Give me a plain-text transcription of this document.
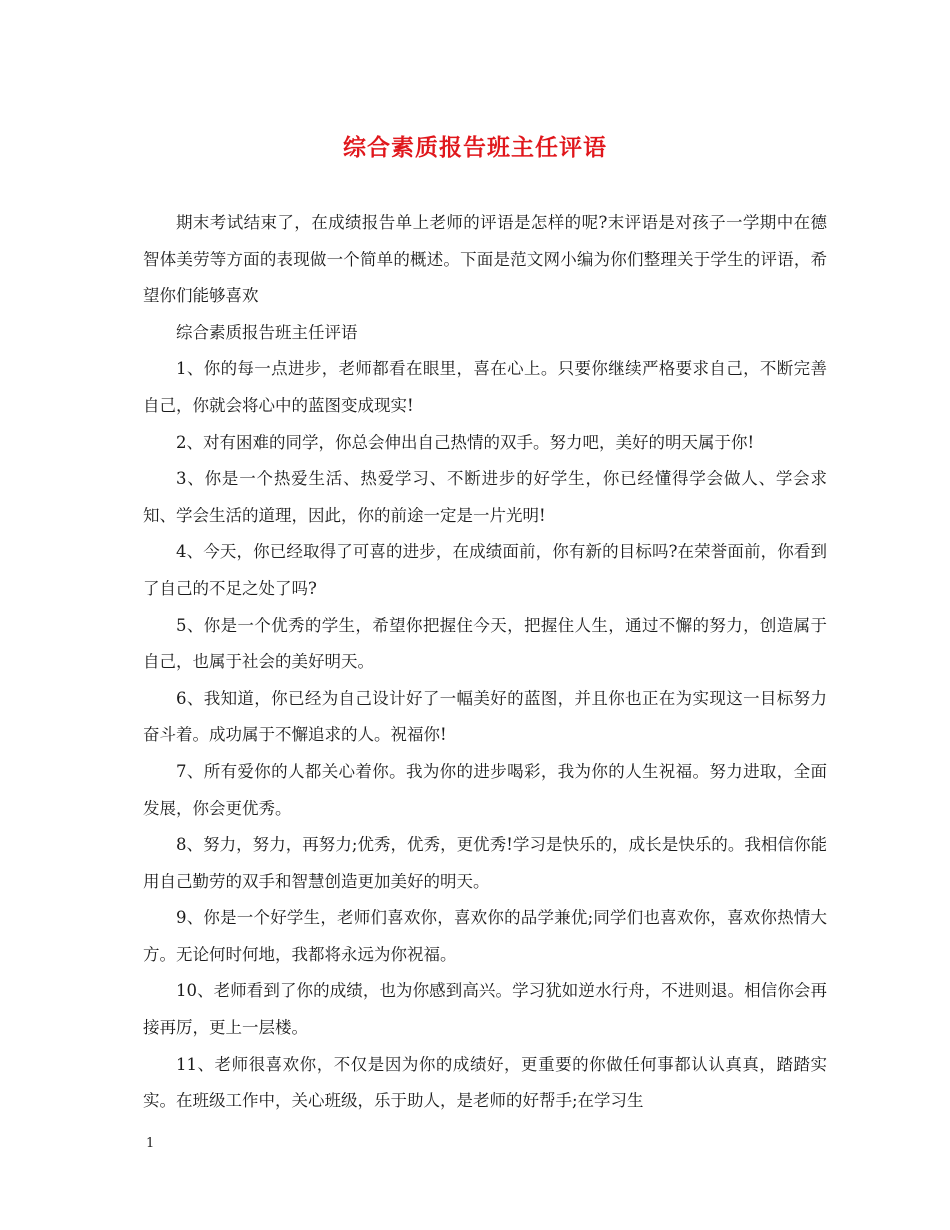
综合素质报告班主任评语

期末考试结束了，在成绩报告单上老师的评语是怎样的呢?末评语是对孩子一学期中在德智体美劳等方面的表现做一个简单的概述。下面是范文网小编为你们整理关于学生的评语，希望你们能够喜欢

综合素质报告班主任评语

1、你的每一点进步，老师都看在眼里，喜在心上。只要你继续严格要求自己，不断完善自己，你就会将心中的蓝图变成现实!

2、对有困难的同学，你总会伸出自己热情的双手。努力吧，美好的明天属于你!

3、你是一个热爱生活、热爱学习、不断进步的好学生，你已经懂得学会做人、学会求知、学会生活的道理，因此，你的前途一定是一片光明!

4、今天，你已经取得了可喜的进步，在成绩面前，你有新的目标吗?在荣誉面前，你看到了自己的不足之处了吗?

5、你是一个优秀的学生，希望你把握住今天，把握住人生，通过不懈的努力，创造属于自己，也属于社会的美好明天。

6、我知道，你已经为自己设计好了一幅美好的蓝图，并且你也正在为实现这一目标努力奋斗着。成功属于不懈追求的人。祝福你!

7、所有爱你的人都关心着你。我为你的进步喝彩，我为你的人生祝福。努力进取，全面发展，你会更优秀。

8、努力，努力，再努力;优秀，优秀，更优秀!学习是快乐的，成长是快乐的。我相信你能用自己勤劳的双手和智慧创造更加美好的明天。

9、你是一个好学生，老师们喜欢你，喜欢你的品学兼优;同学们也喜欢你，喜欢你热情大方。无论何时何地，我都将永远为你祝福。

10、老师看到了你的成绩，也为你感到高兴。学习犹如逆水行舟，不进则退。相信你会再接再厉，更上一层楼。

11、老师很喜欢你，不仅是因为你的成绩好，更重要的你做任何事都认认真真，踏踏实实。在班级工作中，关心班级，乐于助人，是老师的好帮手;在学习生

1
